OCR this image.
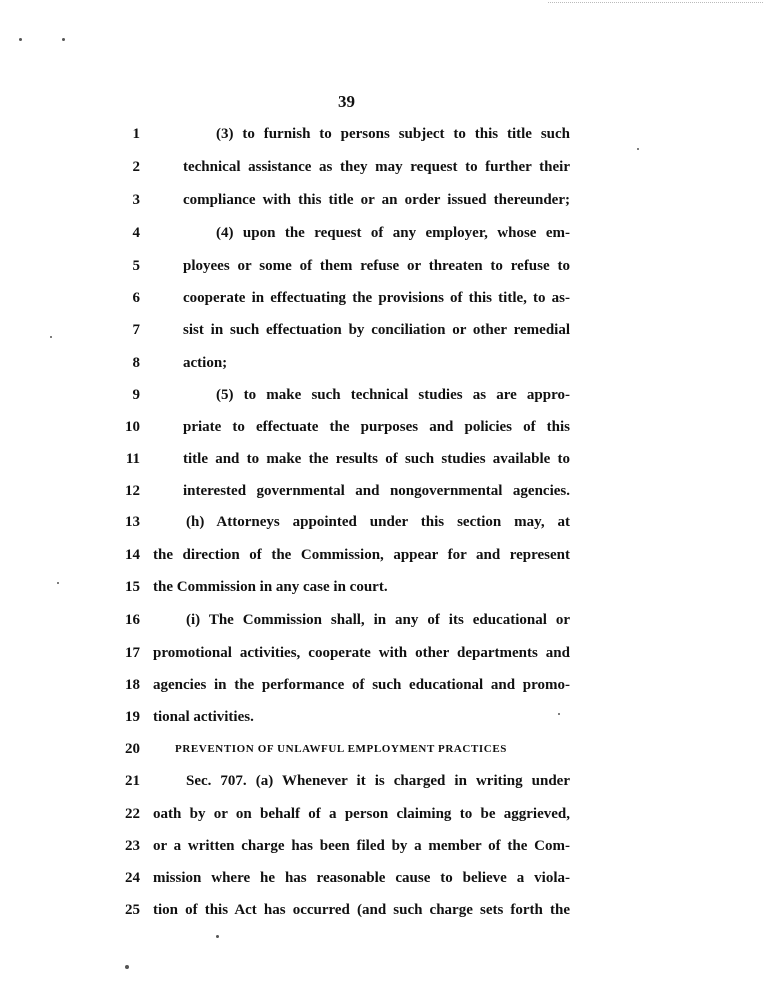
39
1	(3) to furnish to persons subject to this title such
2	technical assistance as they may request to further their
3	compliance with this title or an order issued thereunder;
4	(4) upon the request of any employer, whose em-
5	ployees or some of them refuse or threaten to refuse to
6	cooperate in effectuating the provisions of this title, to as-
7	sist in such effectuation by conciliation or other remedial
8	action;
9	(5) to make such technical studies as are appro-
10	priate to effectuate the purposes and policies of this
11	title and to make the results of such studies available to
12	interested governmental and nongovernmental agencies.
13	(h) Attorneys appointed under this section may, at
14 the direction of the Commission, appear for and represent
15 the Commission in any case in court.
16	(i) The Commission shall, in any of its educational or
17 promotional activities, cooperate with other departments and
18 agencies in the performance of such educational and promo-
19 tional activities.
20	PREVENTION OF UNLAWFUL EMPLOYMENT PRACTICES
21	Sec. 707. (a) Whenever it is charged in writing under
22 oath by or on behalf of a person claiming to be aggrieved,
23 or a written charge has been filed by a member of the Com-
24 mission where he has reasonable cause to believe a viola-
25 tion of this Act has occurred (and such charge sets forth the
